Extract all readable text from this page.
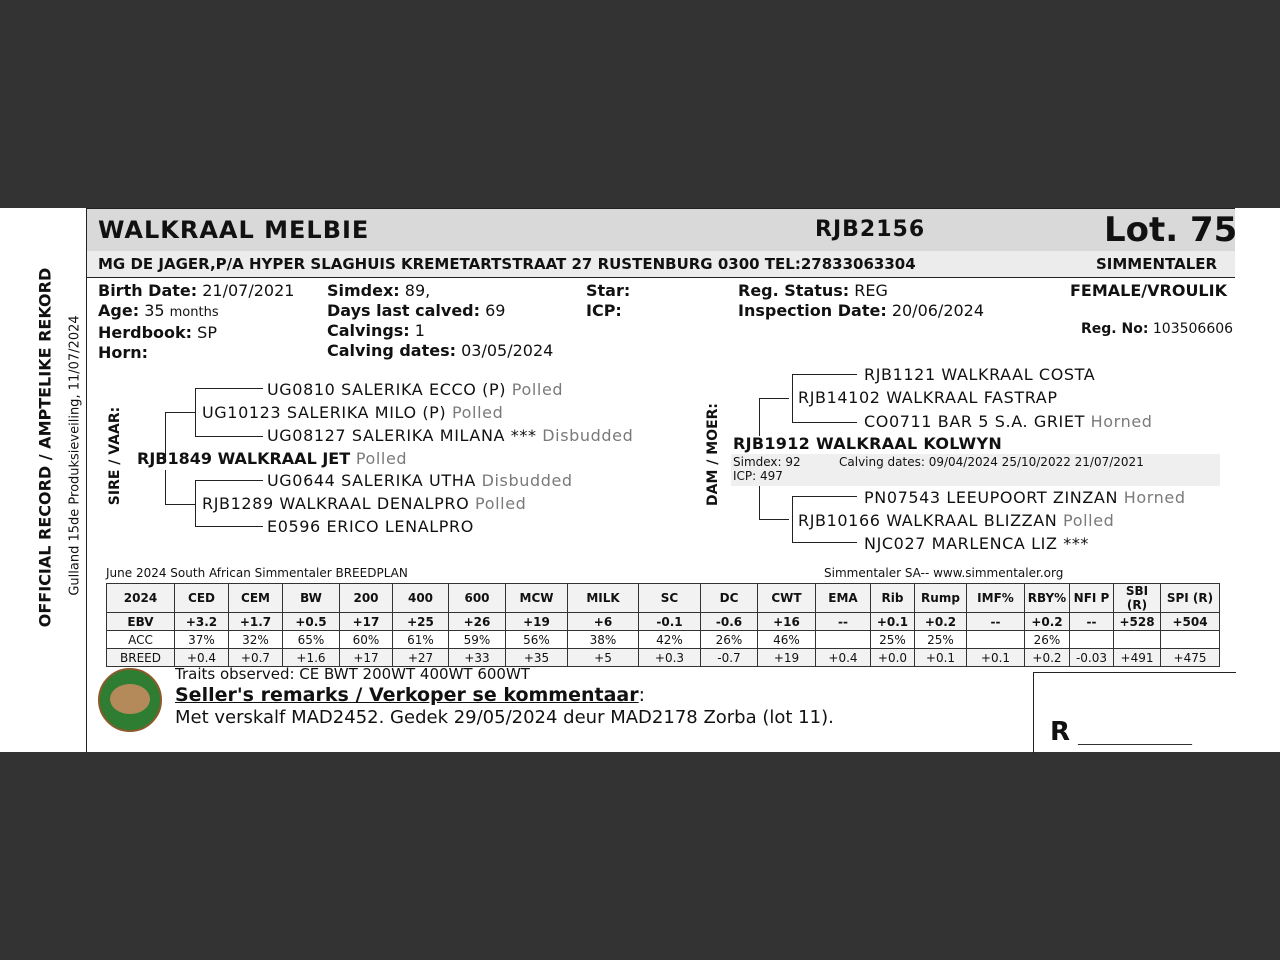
OFFICIAL RECORD / AMPTELIKE REKORD Gulland 15de Produksieveiling, 11/07/2024
WALKRAAL MELBIE	RJB2156	Lot. 75
MG DE JAGER,P/A HYPER SLAGHUIS KREMETARTSTRAAT 27 RUSTENBURG 0300 TEL:27833063304	SIMMENTALER
Birth Date: 21/07/2021
Age: 35 months
Herdbook: SP
Horn:
Simdex: 89,
Days last calved: 69
Calvings: 1
Calving dates: 03/05/2024
Star:
ICP:
Reg. Status: REG
Inspection Date: 20/06/2024
FEMALE/VROULIK
Reg. No: 103506606
SIRE / VAAR:
UG0810 SALERIKA ECCO (P) Polled
UG10123 SALERIKA MILO (P) Polled
UG08127 SALERIKA MILANA *** Disbudded
RJB1849 WALKRAAL JET Polled
UG0644 SALERIKA UTHA Disbudded
RJB1289 WALKRAAL DENALPRO Polled
E0596 ERICO LENALPRO
DAM / MOER:
RJB1121 WALKRAAL COSTA
RJB14102 WALKRAAL FASTRAP
CO0711 BAR 5 S.A. GRIET Horned
RJB1912 WALKRAAL KOLWYN
Simdex: 92	Calving dates: 09/04/2024 25/10/2022 21/07/2021
ICP: 497
PN07543 LEEUPOORT ZINZAN Horned
RJB10166 WALKRAAL BLIZZAN Polled
NJC027 MARLENCA LIZ ***
June 2024 South African Simmentaler BREEDPLAN	Simmentaler SA-- www.simmentaler.org
2024	CED	CEM	BW	200	400	600	MCW	MILK	SC	DC	CWT	EMA	Rib	Rump	IMF%	RBY%	NFI P	SBI (R)	SPI (R)
EBV	+3.2	+1.7	+0.5	+17	+25	+26	+19	+6	-0.1	-0.6	+16	--	+0.1	+0.2	--	+0.2	--	+528	+504
ACC	37%	32%	65%	60%	61%	59%	56%	38%	42%	26%	46%		25%	25%		26%			
BREED	+0.4	+0.7	+1.6	+17	+27	+33	+35	+5	+0.3	-0.7	+19	+0.4	+0.0	+0.1	+0.1	+0.2	-0.03	+491	+475
Traits observed: CE BWT 200WT 400WT 600WT
Seller's remarks / Verkoper se kommentaar:
Met verskalf MAD2452. Gedek 29/05/2024 deur MAD2178 Zorba (lot 11).	R ___________________
